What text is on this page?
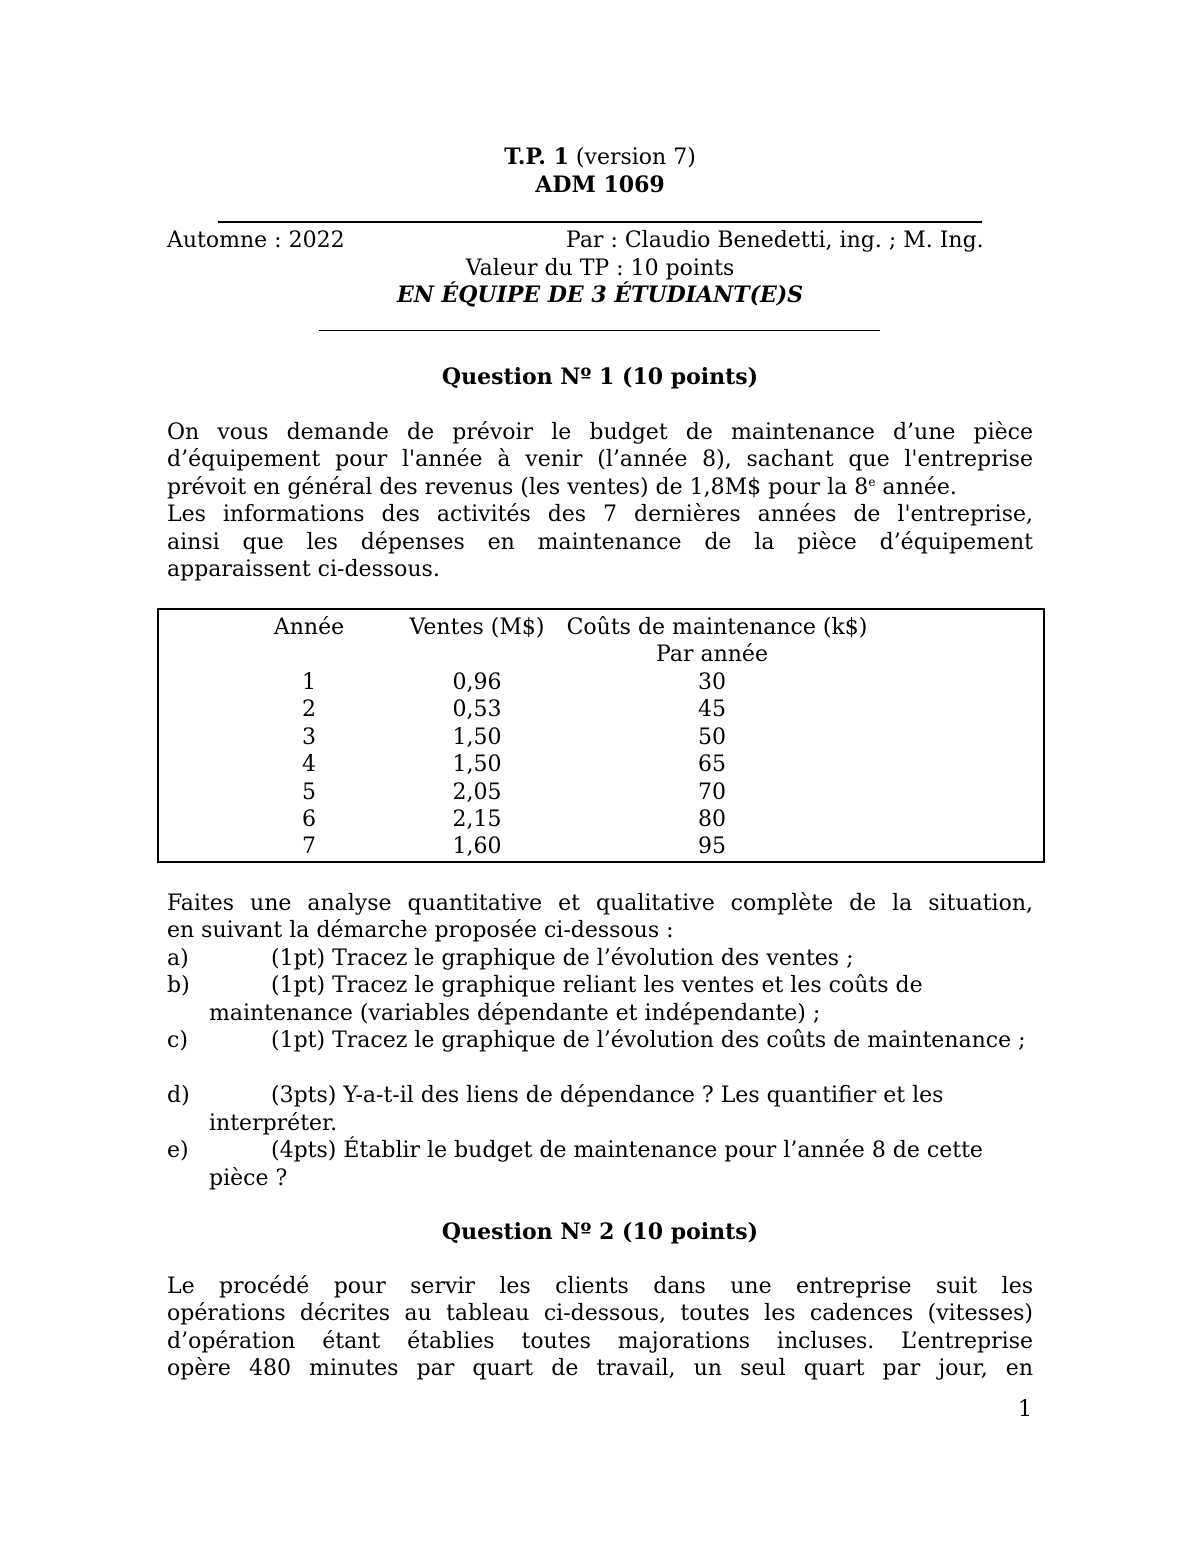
T.P. 1 (version 7)
ADM 1069
Automne : 2022	Par : Claudio Benedetti, ing. ; M. Ing.
Valeur du TP : 10 points
EN ÉQUIPE DE 3 ÉTUDIANT(E)S
Question Nº 1 (10 points)
On vous demande de prévoir le budget de maintenance d’une pièce
d’équipement pour l'année à venir (l’année 8), sachant que l'entreprise
prévoit en général des revenus (les ventes) de 1,8M$ pour la 8e année.
Les informations des activités des 7 dernières années de l'entreprise,
ainsi que les dépenses en maintenance de la pièce d’équipement
apparaissent ci-dessous.
Année	Ventes (M$)	Coûts de maintenance (k$)
Par année
1	0,96	30
2	0,53	45
3	1,50	50
4	1,50	65
5	2,05	70
6	2,15	80
7	1,60	95
Faites une analyse quantitative et qualitative complète de la situation,
en suivant la démarche proposée ci-dessous :
a)	(1pt) Tracez le graphique de l’évolution des ventes ;
b)	(1pt) Tracez le graphique reliant les ventes et les coûts de maintenance (variables dépendante et indépendante) ;
c)	(1pt) Tracez le graphique de l’évolution des coûts de maintenance ;
d)	(3pts) Y-a-t-il des liens de dépendance ? Les quantifier et les interpréter.
e)	(4pts) Établir le budget de maintenance pour l’année 8 de cette pièce ?
Question Nº 2 (10 points)
Le procédé pour servir les clients dans une entreprise suit les
opérations décrites au tableau ci-dessous, toutes les cadences (vitesses)
d’opération étant établies toutes majorations incluses. L’entreprise
opère 480 minutes par quart de travail, un seul quart par jour, en
1
